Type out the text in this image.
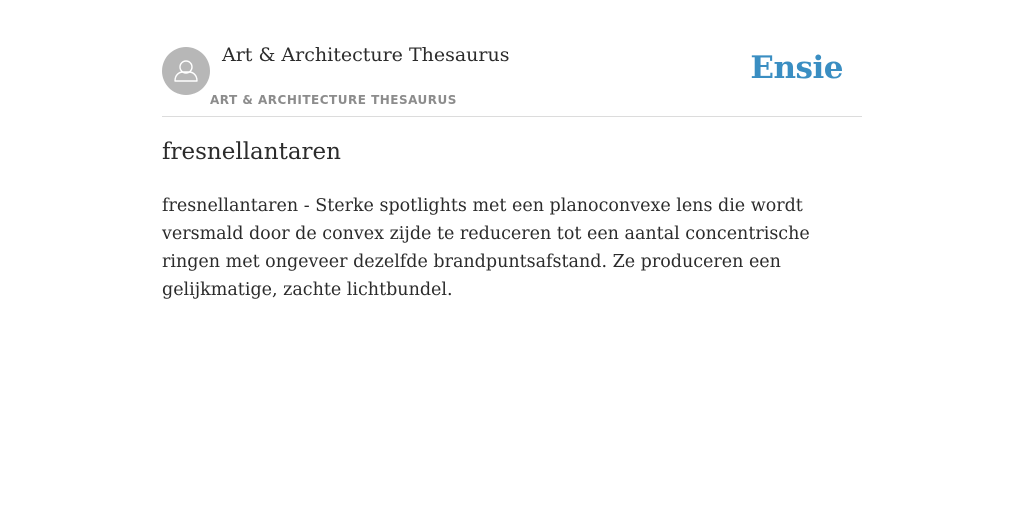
Art & Architecture Thesaurus
ART & ARCHITECTURE THESAURUS
Ensie
fresnellantaren

fresnellantaren - Sterke spotlights met een planoconvexe lens die wordt versmald door de convex zijde te reduceren tot een aantal concentrische ringen met ongeveer dezelfde brandpuntsafstand. Ze produceren een gelijkmatige, zachte lichtbundel.
